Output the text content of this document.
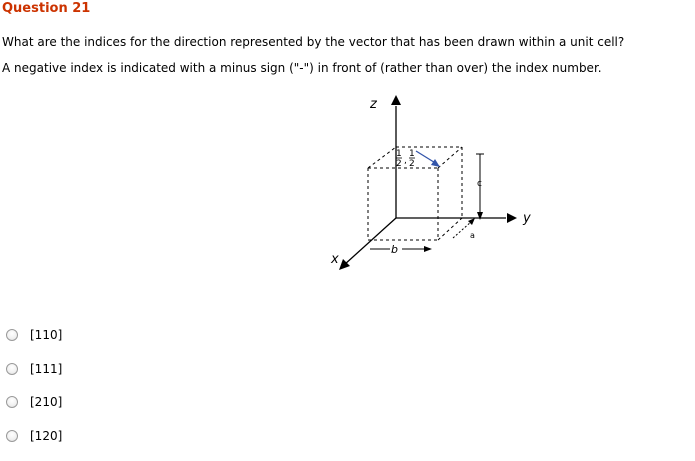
Question 21

What are the indices for the direction represented by the vector that has been drawn within a unit cell?

A negative index is indicated with a minus sign ("-") in front of (rather than over) the index number.

z
y
x
1
2 ,
1
2
c
a
b
[110]
[111]
[210]
[120]
